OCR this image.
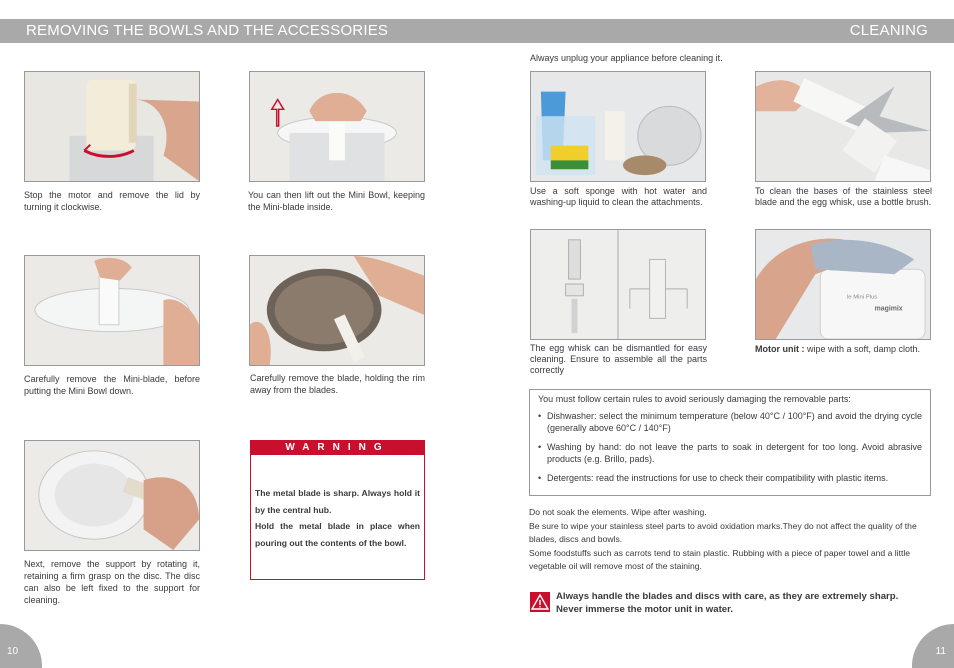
REMOVING THE BOWLS AND THE ACCESSORIES	CLEANING
Stop the motor and remove the lid by turning it clockwise.
You can then lift out the Mini Bowl, keeping the Mini-blade inside.
Carefully remove the Mini-blade, before putting the Mini Bowl down.
Carefully remove the blade, holding the rim away from the blades.
Next, remove the support by rotating it, retaining a firm grasp on the disc. The disc can also be left fixed to the support for cleaning.
WARNING
The metal blade is sharp. Always hold it by the central hub.
Hold the metal blade in place when pouring out the contents of the bowl.
10
Always unplug your appliance before cleaning it.
le Mini Plus
magimix
Use a soft sponge with hot water and washing-up liquid to clean the attachments.
To clean the bases of the stainless steel blade and the egg whisk, use a bottle brush.
The egg whisk can be dismantled for easy cleaning. Ensure to assemble all the parts correctly
Motor unit : wipe with a soft, damp cloth.
You must follow certain rules to avoid seriously damaging the removable parts:
• Dishwasher: select the minimum temperature (below 40°C / 100°F) and avoid the drying cycle (generally above 60°C / 140°F)
• Washing by hand: do not leave the parts to soak in detergent for too long. Avoid abrasive products (e.g. Brillo, pads).
• Detergents: read the instructions for use to check their compatibility with plastic items.
Do not soak the elements. Wipe after washing.
Be sure to wipe your stainless steel parts to avoid oxidation marks.They do not affect the quality of the blades, discs and bowls.
Some foodstuffs such as carrots tend to stain plastic. Rubbing with a piece of paper towel and a little vegetable oil will remove most of the staining.
Always handle the blades and discs with care, as they are extremely sharp.
Never immerse the motor unit in water.
11
